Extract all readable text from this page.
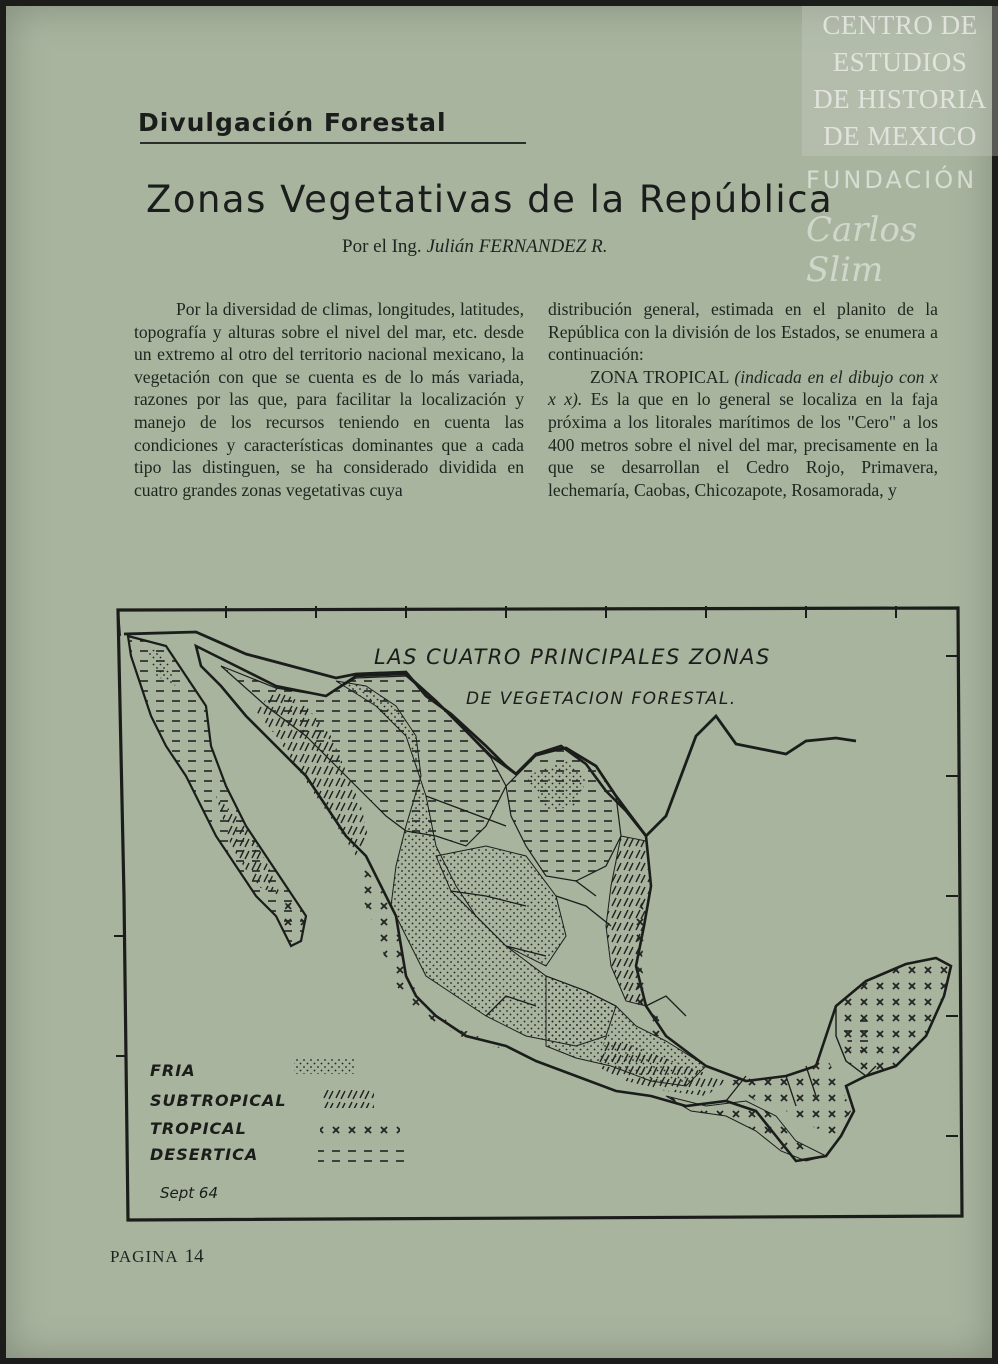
CENTRO DE
ESTUDIOS
DE HISTORIA
DE MEXICO
FUNDACIÓN
Carlos Slim
Divulgación Forestal
Zonas Vegetativas de la República
Por el Ing. Julián FERNANDEZ R.

Por la diversidad de climas, longitudes, latitudes, topografía y alturas sobre el nivel del mar, etc. desde un extremo al otro del territorio nacional mexicano, la vegetación con que se cuenta es de lo más variada, razones por las que, para facilitar la localización y manejo de los recursos teniendo en cuenta las condiciones y características dominantes que a cada tipo las distinguen, se ha considerado dividida en cuatro grandes zonas vegetativas cuya

distribución general, estimada en el planito de la República con la división de los Estados, se enumera a continuación:

ZONA TROPICAL (indicada en el dibujo con x x x). Es la que en lo general se localiza en la faja próxima a los litorales marítimos de los "Cero" a los 400 metros sobre el nivel del mar, precisamente en la que se desarrollan el Cedro Rojo, Primavera, lechemaría, Caobas, Chicozapote, Rosamorada, y

LAS CUATRO PRINCIPALES ZONAS
DE VEGETACION FORESTAL.
FRIA
SUBTROPICAL
TROPICAL
DESERTICA
Sept 64
PAGINA 14
